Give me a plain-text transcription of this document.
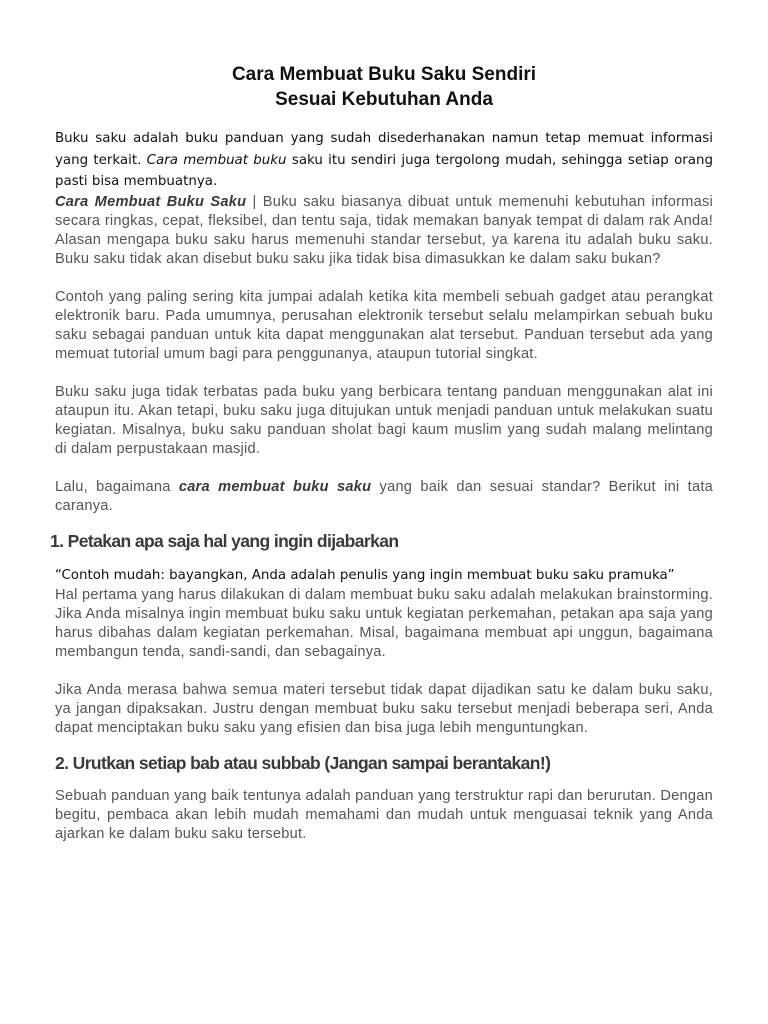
Cara Membuat Buku Saku Sendiri
Sesuai Kebutuhan Anda

Buku saku adalah buku panduan yang sudah disederhanakan namun tetap memuat informasi yang terkait. Cara membuat buku saku itu sendiri juga tergolong mudah, sehingga setiap orang pasti bisa membuatnya.

Cara Membuat Buku Saku | Buku saku biasanya dibuat untuk memenuhi kebutuhan informasi secara ringkas, cepat, fleksibel, dan tentu saja, tidak memakan banyak tempat di dalam rak Anda! Alasan mengapa buku saku harus memenuhi standar tersebut, ya karena itu adalah buku saku. Buku saku tidak akan disebut buku saku jika tidak bisa dimasukkan ke dalam saku bukan?

Contoh yang paling sering kita jumpai adalah ketika kita membeli sebuah gadget atau perangkat elektronik baru. Pada umumnya, perusahan elektronik tersebut selalu melampirkan sebuah buku saku sebagai panduan untuk kita dapat menggunakan alat tersebut. Panduan tersebut ada yang memuat tutorial umum bagi para penggunanya, ataupun tutorial singkat.

Buku saku juga tidak terbatas pada buku yang berbicara tentang panduan menggunakan alat ini ataupun itu. Akan tetapi, buku saku juga ditujukan untuk menjadi panduan untuk melakukan suatu kegiatan. Misalnya, buku saku panduan sholat bagi kaum muslim yang sudah malang melintang di dalam perpustakaan masjid.

Lalu, bagaimana cara membuat buku saku yang baik dan sesuai standar? Berikut ini tata caranya.

1. Petakan apa saja hal yang ingin dijabarkan

“Contoh mudah: bayangkan, Anda adalah penulis yang ingin membuat buku saku pramuka”

Hal pertama yang harus dilakukan di dalam membuat buku saku adalah melakukan brainstorming. Jika Anda misalnya ingin membuat buku saku untuk kegiatan perkemahan, petakan apa saja yang harus dibahas dalam kegiatan perkemahan. Misal, bagaimana membuat api unggun, bagaimana membangun tenda, sandi-sandi, dan sebagainya.

Jika Anda merasa bahwa semua materi tersebut tidak dapat dijadikan satu ke dalam buku saku, ya jangan dipaksakan. Justru dengan membuat buku saku tersebut menjadi beberapa seri, Anda dapat menciptakan buku saku yang efisien dan bisa juga lebih menguntungkan.

2. Urutkan setiap bab atau subbab (Jangan sampai berantakan!)

Sebuah panduan yang baik tentunya adalah panduan yang terstruktur rapi dan berurutan. Dengan begitu, pembaca akan lebih mudah memahami dan mudah untuk menguasai teknik yang Anda ajarkan ke dalam buku saku tersebut.
